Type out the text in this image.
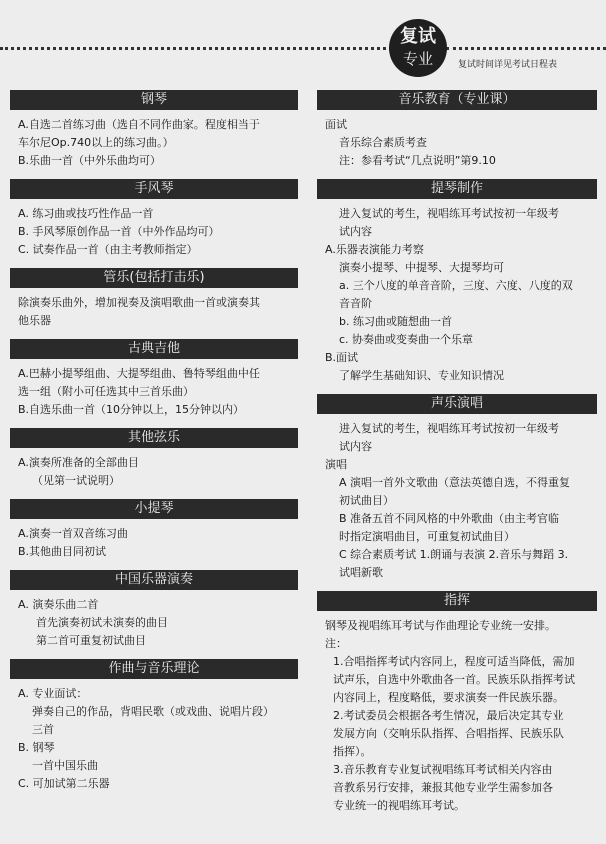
复试
专业	复试时间详见考试日程表
钢琴
A.自选二首练习曲（选自不同作曲家。程度相当于
车尔尼Op.740以上的练习曲。）
B.乐曲一首（中外乐曲均可）
手风琴
A. 练习曲或技巧性作品一首
B. 手风琴原创作品一首（中外作品均可）
C. 试奏作品一首（由主考教师指定）
管乐(包括打击乐)
除演奏乐曲外，增加视奏及演唱歌曲一首或演奏其
他乐器
古典吉他
A.巴赫小提琴组曲、大提琴组曲、鲁特琴组曲中任
选一组（附小可任选其中三首乐曲）
B.自选乐曲一首（10分钟以上，15分钟以内）
其他弦乐
A.演奏所准备的全部曲目
（见第一试说明）
小提琴
A.演奏一首双音练习曲
B.其他曲目同初试
中国乐器演奏
A. 演奏乐曲二首
首先演奏初试未演奏的曲目
第二首可重复初试曲目
作曲与音乐理论
A. 专业面试：
弹奏自己的作品，背唱民歌（或戏曲、说唱片段）
三首
B. 钢琴
一首中国乐曲
C. 可加试第二乐器
音乐教育（专业课）
面试
音乐综合素质考查
注：参看考试“几点说明”第9.10
提琴制作
进入复试的考生，视唱练耳考试按初一年级考
试内容
A.乐器表演能力考察
演奏小提琴、中提琴、大提琴均可
a. 三个八度的单音音阶，三度、六度、八度的双
音音阶
b. 练习曲或随想曲一首
c. 协奏曲或变奏曲一个乐章
B.面试
了解学生基础知识、专业知识情况
声乐演唱
进入复试的考生，视唱练耳考试按初一年级考
试内容
演唱
A 演唱一首外文歌曲（意法英德自选，不得重复
初试曲目）
B 准备五首不同风格的中外歌曲（由主考官临
时指定演唱曲目，可重复初试曲目）
C 综合素质考试 1.朗诵与表演 2.音乐与舞蹈 3.
试唱新歌
指挥
钢琴及视唱练耳考试与作曲理论专业统一安排。
注：
1.合唱指挥考试内容同上，程度可适当降低，需加
试声乐，自选中外歌曲各一首。民族乐队指挥考试
内容同上，程度略低，要求演奏一件民族乐器。
2.考试委员会根据各考生情况，最后决定其专业
发展方向（交响乐队指挥、合唱指挥、民族乐队
指挥）。
3.音乐教育专业复试视唱练耳考试相关内容由
音教系另行安排，兼报其他专业学生需参加各
专业统一的视唱练耳考试。
